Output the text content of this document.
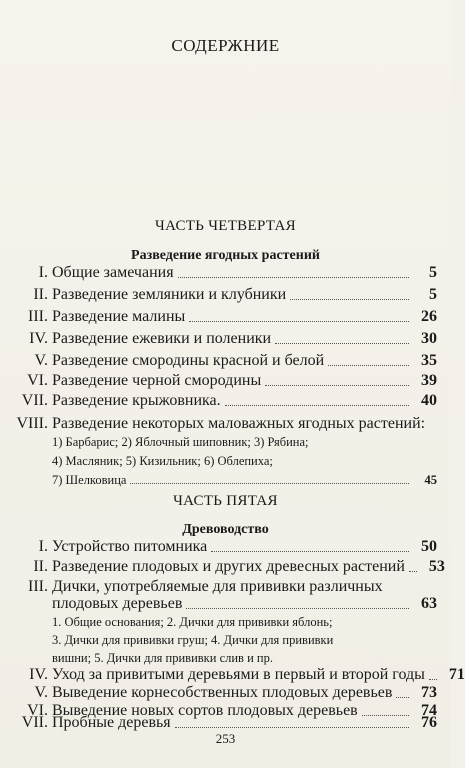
СОДЕРЖНИЕ
ЧАСТЬ ЧЕТВЕРТАЯ
Разведение ягодных растений
I. Общие замечания	5
II. Разведение земляники и клубники	5
III. Разведение малины	26
IV. Разведение ежевики и поленики	30
V. Разведение смородины красной и белой	35
VI. Разведение черной смородины	39
VII. Разведение крыжовника.	40
VIII. Разведение некоторых маловажных ягодных растений:
1) Барбарис; 2) Яблочный шиповник; 3) Рябина;
4) Масляник; 5) Кизильник; 6) Облепиха;
7) Шелковица	45
ЧАСТЬ ПЯТАЯ
Древоводство
I. Устройство питомника	50
II. Разведение плодовых и других древесных растений	53
III. Дички, употребляемые для прививки различных
плодовых деревьев	63
1. Общие основания; 2. Дички для прививки яблонь;
3. Дички для прививки груш; 4. Дички для прививки
вишни; 5. Дички для прививки слив и пр.
IV. Уход за привитыми деревьями в первый и второй годы	71
V. Выведение корнесобственных плодовых деревьев	73
VI. Выведение новых сортов плодовых деревьев	74
VII. Пробные деревья	76
253
